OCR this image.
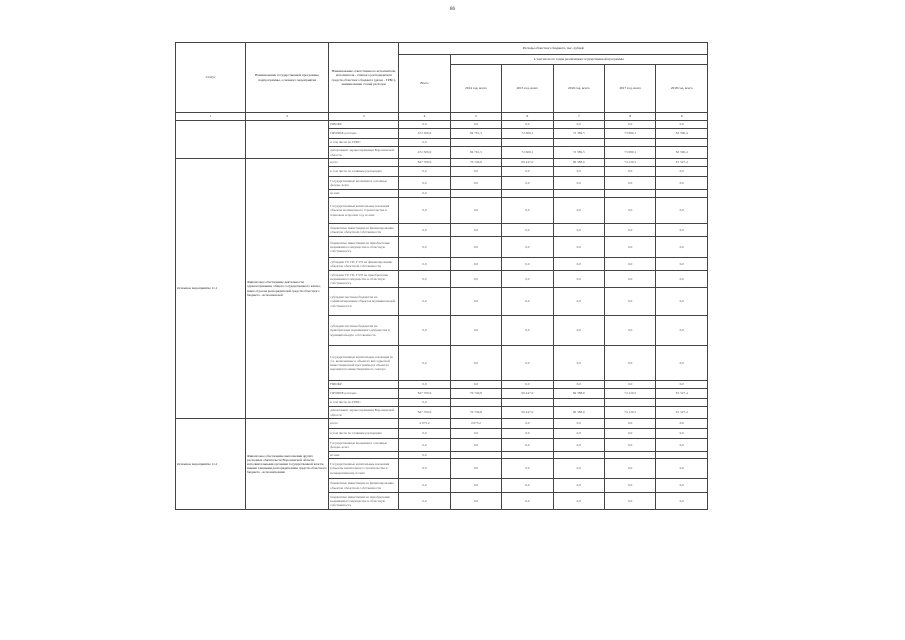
86
Статус	Наименование государственной программы, подпрограммы, основного мероприятия	Наименование ответственного исполнителя, исполнителя - главного распорядителя средств областного бюджета (далее - ГРБС), наименование статей расходов	Расходы областного бюджета, тыс. рублей					
			Всего	в том числе по годам реализации государственной программы				
				2014 год, всего	2015 год, всего	2016 год, всего	2017 год, всего	2018 год, всего
1	2	3	4	5	6	7	8	9
		НИОКР	0,0	0,0	0,0	0,0	0,0	0,0
		ПРОЧИЕ расходы	472 306,9	84 761,3	72 609,1	72 389,5	73 689,1	82 396,4
		в том числе по ГРБС:	0,0					
		департамент здравоохранения Воронежской области	472 306,9	84 761,3	72 609,1	72 389,5	73 689,1	82 396,4
Основное мероприятие 11.1	Финансовое обеспечение деятельности здравоохранения, общего государственного ключа, иных отрасли распорядителей средств областного бюджета - исполнителей	всего	847 709,9	76 749,8	69 447,0	69 388,0	74 120,5	81 327,4
		в том числе по главным распорядит.	0,0	0,0	0,0	0,0	0,0	0,0
		Государственные вложения в основные фонды, всего	0,0	0,0	0,0	0,0	0,0	0,0
		из них	0,0					
		Государственные капитальные вложения объекты мотивального строительства в плановом и прочем год, из них	0,0	0,0	0,0	0,0	0,0	0,0
		бюджетные инвестиции на финансирование объектов областной собственности	0,0	0,0	0,0	0,0	0,0	0,0
		бюджетные инвестиции на приобретение недвижимого имущества в областную собственность	0,0	0,0	0,0	0,0	0,0	0,0
		субсидии ГУ, ГП, ГУП на финансирование объектов областной собственности	0,0	0,0	0,0	0,0	0,0	0,0
		субсидии ГУ, ГП, ГУП на приобретение недвижимого имущества в областную собственность	0,0	0,0	0,0	0,0	0,0	0,0
		субсидии местным бюджетам на софинансирование объектов муниципальной собственности	0,0	0,0	0,0	0,0	0,0	0,0
		субсидии местным бюджетам на приобретение недвижимого имущества в муниципальную собственность	0,0	0,0	0,0	0,0	0,0	0,0
		Государственные капитальные вложения (в т.ч. включенные в объектах вне адресной инвестиционной программы) в объектах неразвитого инвестиционного сектора	0,0	0,0	0,0	0,0	0,0	0,0
		НИОКР	0,0	0,0	0,0	0,0	0,0	0,0
		ПРОЧИЕ расходы	847 709,9	76 749,8	69 447,0	69 388,0	74 120,5	81 327,4
		в том числе по ГРБС:	0,0					
		департамент здравоохранения Воронежской области	847 709,9	76 749,8	69 447,0	69 388,0	74 120,5	81 327,4
Основное мероприятие 11.2	Финансовое обеспечение выполнения других расходных обязательств Воронежской области исполнительными органами государственной власти, иными главными распорядителями средств областного бюджета - исполнителями	всего	4 675,2	4 675,2	0,0	0,0	0,0	0,0
		в том числе по главным распорядит.	0,0	0,0	0,0	0,0	0,0	0,0
		Государственные вложения в основные фонды, всего	0,0	0,0	0,0	0,0	0,0	0,0
		из них	0,0					
		Государственные капитальные вложения (объекты капитального строительства в незавершенном), из них	0,0	0,0	0,0	0,0	0,0	0,0
		бюджетные инвестиции на финансирование объектов областной собственности	0,0	0,0	0,0	0,0	0,0	0,0
		бюджетные инвестиции на приобретение недвижимого имущества в областную собственность	0,0	0,0	0,0	0,0	0,0	0,0
